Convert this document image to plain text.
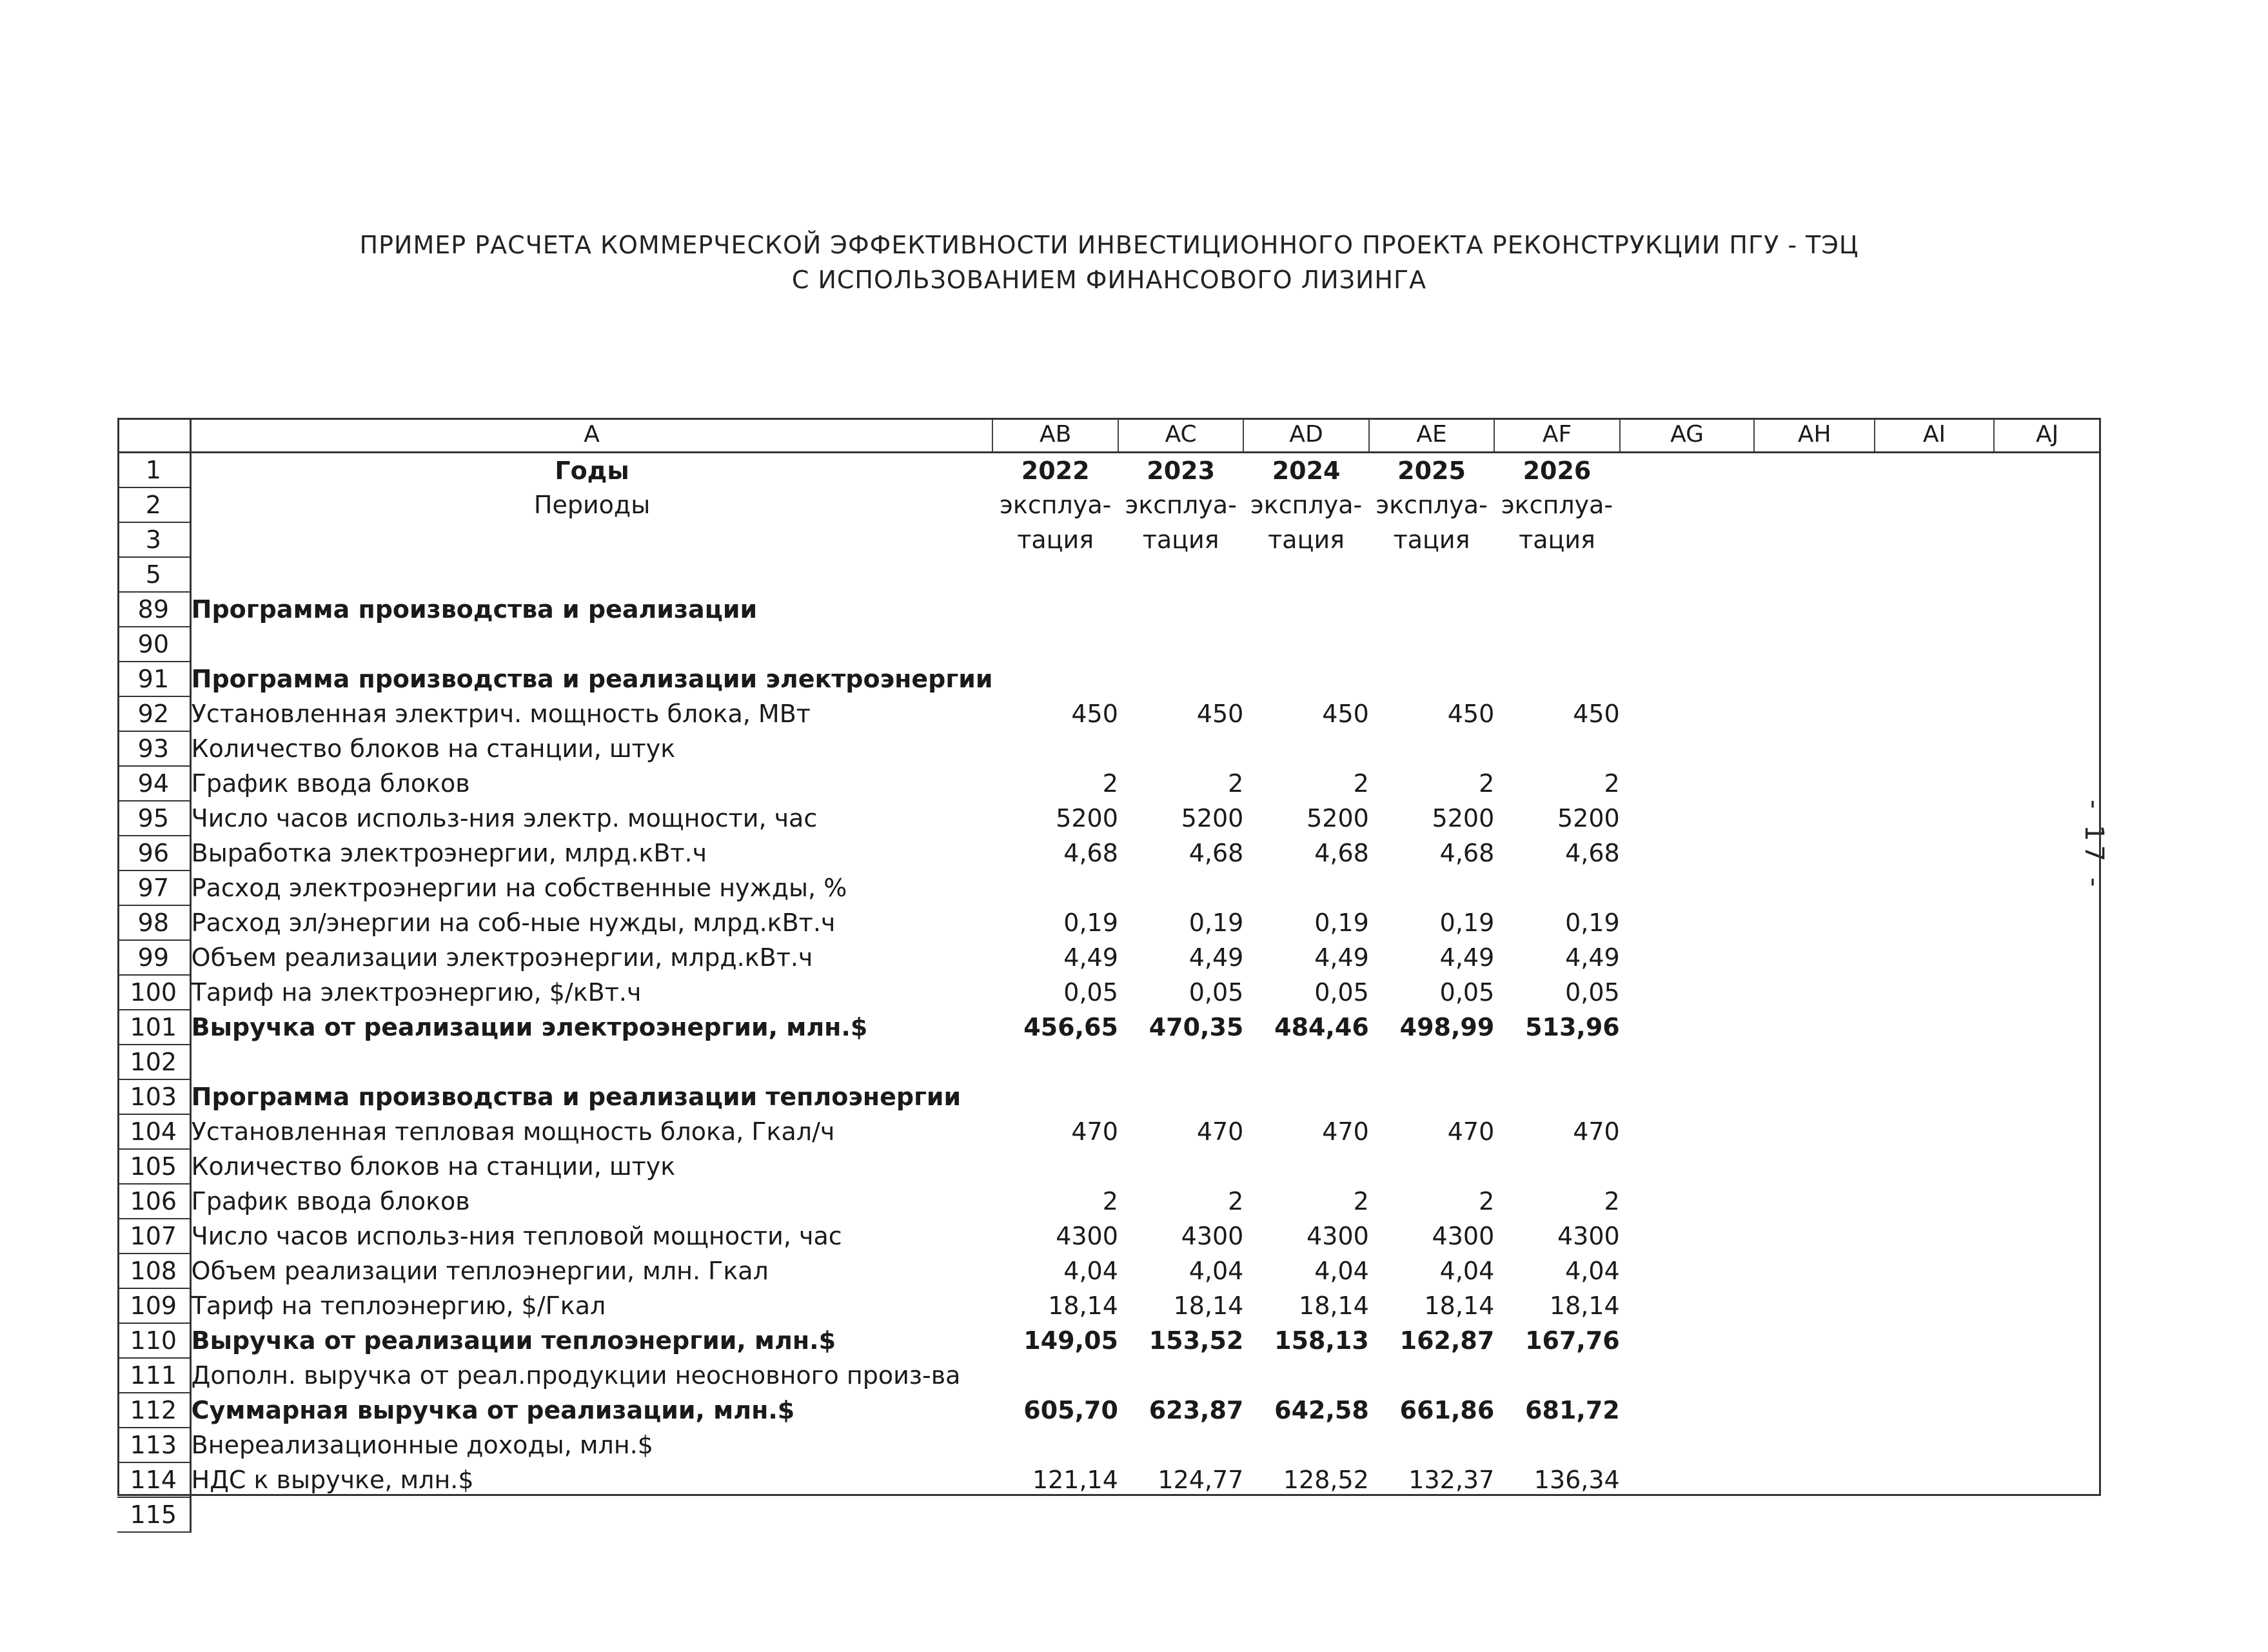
ПРИМЕР РАСЧЕТА КОММЕРЧЕСКОЙ ЭФФЕКТИВНОСТИ ИНВЕСТИЦИОННОГО ПРОЕКТА РЕКОНСТРУКЦИИ ПГУ - ТЭЦ
С ИСПОЛЬЗОВАНИЕМ ФИНАНСОВОГО ЛИЗИНГА
- 17 -
	A	AB	AC	AD	AE	AF	AG	AH	AI	AJ
1	Годы	2022	2023	2024	2025	2026				
2	Периоды	эксплуа-	эксплуа-	эксплуа-	эксплуа-	эксплуа-				
3		тация	тация	тация	тация	тация				
5										
89	Программа производства и реализации									
90										
91	Программа производства и реализации электроэнергии									
92	Установленная электрич. мощность блока, МВт	450	450	450	450	450				
93	Количество блоков на станции, штук									
94	График ввода блоков	2	2	2	2	2				
95	Число часов использ-ния электр. мощности, час	5200	5200	5200	5200	5200				
96	Выработка электроэнергии, млрд.кВт.ч	4,68	4,68	4,68	4,68	4,68				
97	Расход электроэнергии на собственные нужды, %									
98	Расход эл/энергии на соб-ные нужды, млрд.кВт.ч	0,19	0,19	0,19	0,19	0,19				
99	Объем реализации электроэнергии, млрд.кВт.ч	4,49	4,49	4,49	4,49	4,49				
100	Тариф на электроэнергию, $/кВт.ч	0,05	0,05	0,05	0,05	0,05				
101	Выручка от реализации электроэнергии, млн.$	456,65	470,35	484,46	498,99	513,96				
102										
103	Программа производства и реализации теплоэнергии									
104	Установленная тепловая мощность блока, Гкал/ч	470	470	470	470	470				
105	Количество блоков на станции, штук									
106	График ввода блоков	2	2	2	2	2				
107	Число часов использ-ния тепловой мощности, час	4300	4300	4300	4300	4300				
108	Объем реализации теплоэнергии, млн. Гкал	4,04	4,04	4,04	4,04	4,04				
109	Тариф на теплоэнергию, $/Гкал	18,14	18,14	18,14	18,14	18,14				
110	Выручка от реализации теплоэнергии, млн.$	149,05	153,52	158,13	162,87	167,76				
111	Дополн. выручка от реал.продукции неосновного произ-ва									
112	Суммарная выручка от реализации, млн.$	605,70	623,87	642,58	661,86	681,72				
113	Внереализационные доходы, млн.$									
114	НДС к выручке, млн.$	121,14	124,77	128,52	132,37	136,34				
115										
